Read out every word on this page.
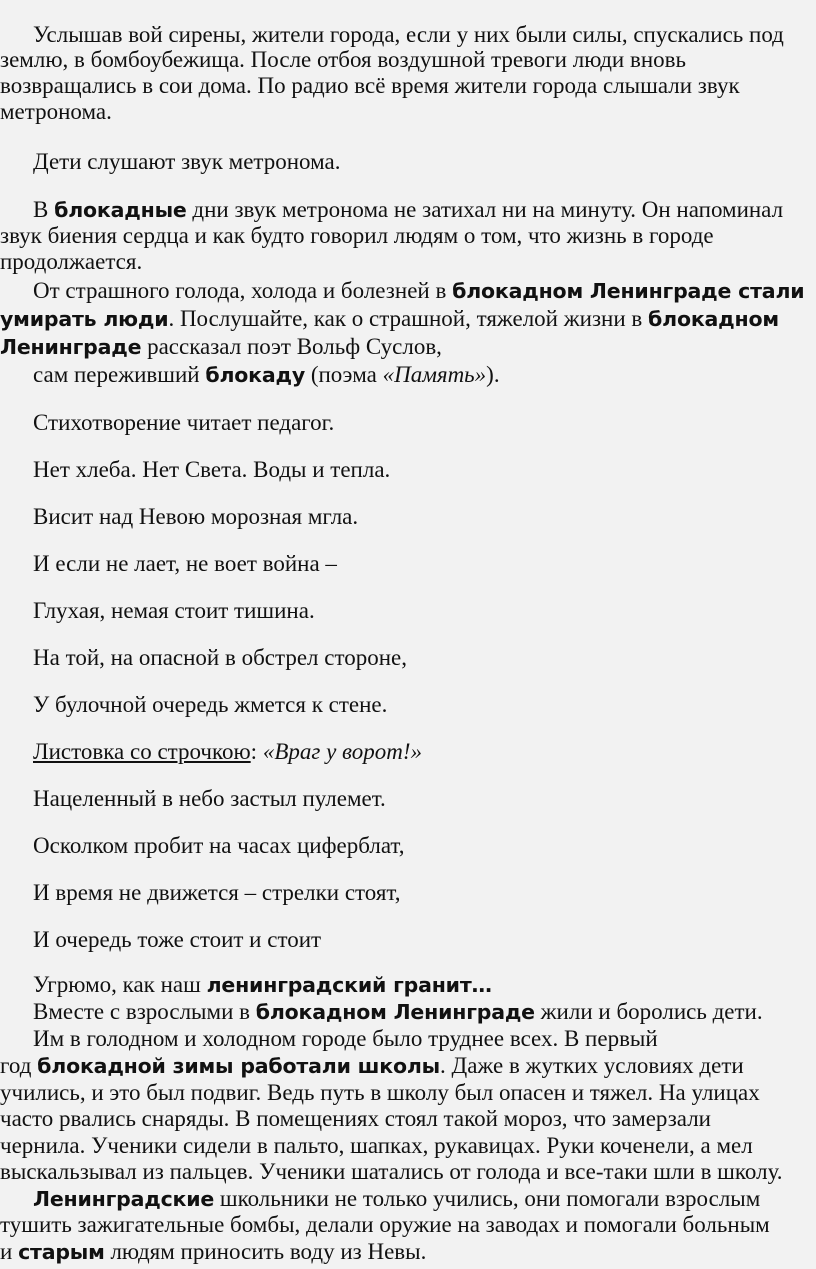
Услышав вой сирены, жители города, если у них были силы, спускались под
землю, в бомбоубежища. После отбоя воздушной тревоги люди вновь
возвращались в сои дома. По радио всё время жители города слышали звук
метронома.
Дети слушают звук метронома.
В блокадные дни звук метронома не затихал ни на минуту. Он напоминал
звук биения сердца и как будто говорил людям о том, что жизнь в городе
продолжается.
От страшного голода, холода и болезней в блокадном Ленинграде стали
умирать люди. Послушайте, как о страшной, тяжелой жизни в блокадном
Ленинграде рассказал поэт Вольф Суслов,
сам переживший блокаду (поэма «Память»).
Стихотворение читает педагог.
Нет хлеба. Нет Света. Воды и тепла.
Висит над Невою морозная мгла.
И если не лает, не воет война –
Глухая, немая стоит тишина.
На той, на опасной в обстрел стороне,
У булочной очередь жмется к стене.
Листовка со строчкою: «Враг у ворот!»
Нацеленный в небо застыл пулемет.
Осколком пробит на часах циферблат,
И время не движется – стрелки стоят,
И очередь тоже стоит и стоит
Угрюмо, как наш ленинградский гранит…
Вместе с взрослыми в блокадном Ленинграде жили и боролись дети.
Им в голодном и холодном городе было труднее всех. В первый
год блокадной зимы работали школы. Даже в жутких условиях дети
учились, и это был подвиг. Ведь путь в школу был опасен и тяжел. На улицах
часто рвались снаряды. В помещениях стоял такой мороз, что замерзали
чернила. Ученики сидели в пальто, шапках, рукавицах. Руки коченели, а мел
выскальзывал из пальцев. Ученики шатались от голода и все-таки шли в школу.
Ленинградские школьники не только учились, они помогали взрослым
тушить зажигательные бомбы, делали оружие на заводах и помогали больным
и старым людям приносить воду из Невы.
